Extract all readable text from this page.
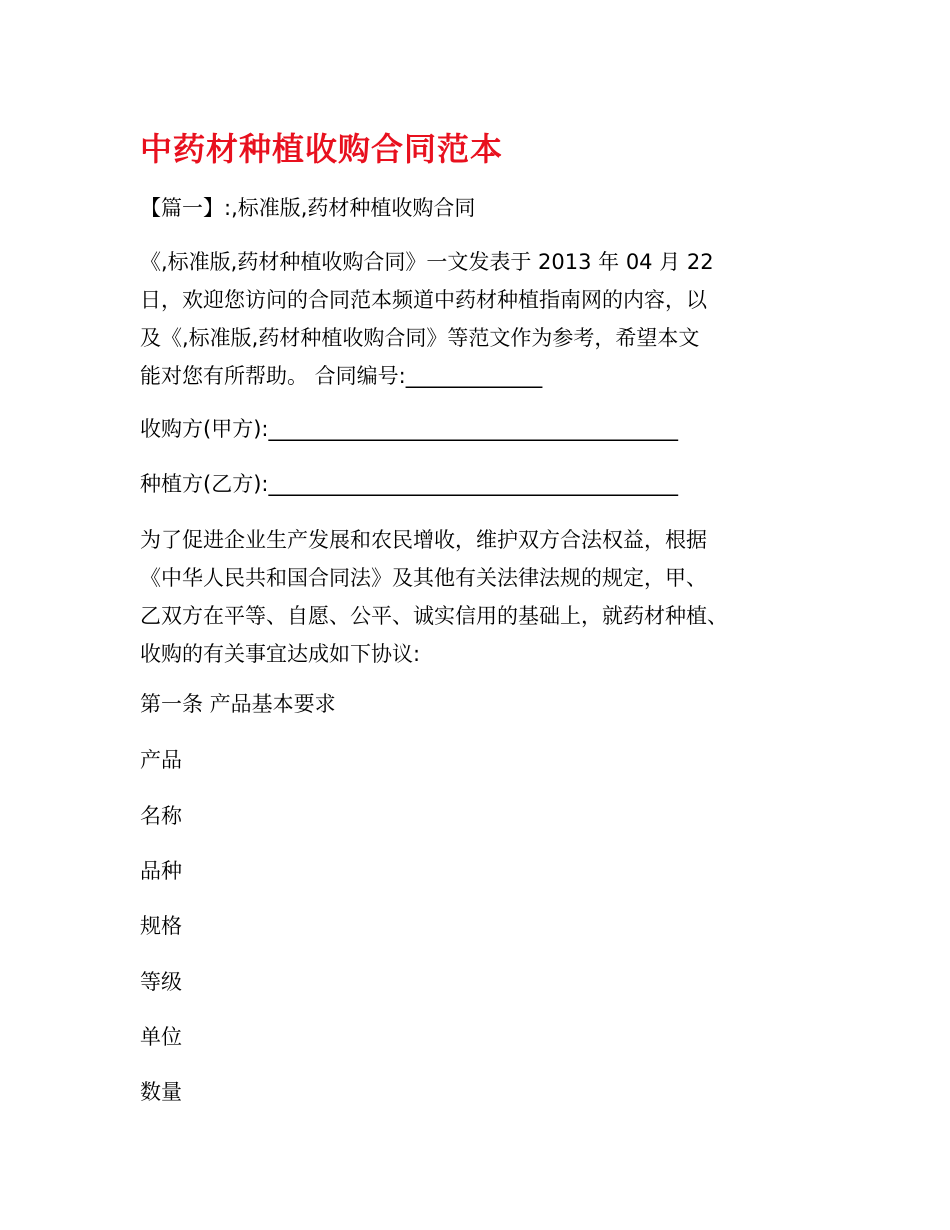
中药材种植收购合同范本

【篇一】:,标准版,药材种植收购合同

《,标准版,药材种植收购合同》一文发表于 2013 年 04 月 22
日，欢迎您访问的合同范本频道中药材种植指南网的内容，以
及《,标准版,药材种植收购合同》等范文作为参考，希望本文
能对您有所帮助。 合同编号:_____________

收购方(甲方):_______________________________________

种植方(乙方):_______________________________________

为了促进企业生产发展和农民增收，维护双方合法权益，根据
《中华人民共和国合同法》及其他有关法律法规的规定，甲、
乙双方在平等、自愿、公平、诚实信用的基础上，就药材种植、
收购的有关事宜达成如下协议:

第一条 产品基本要求

产品

名称

品种

规格

等级

单位

数量
